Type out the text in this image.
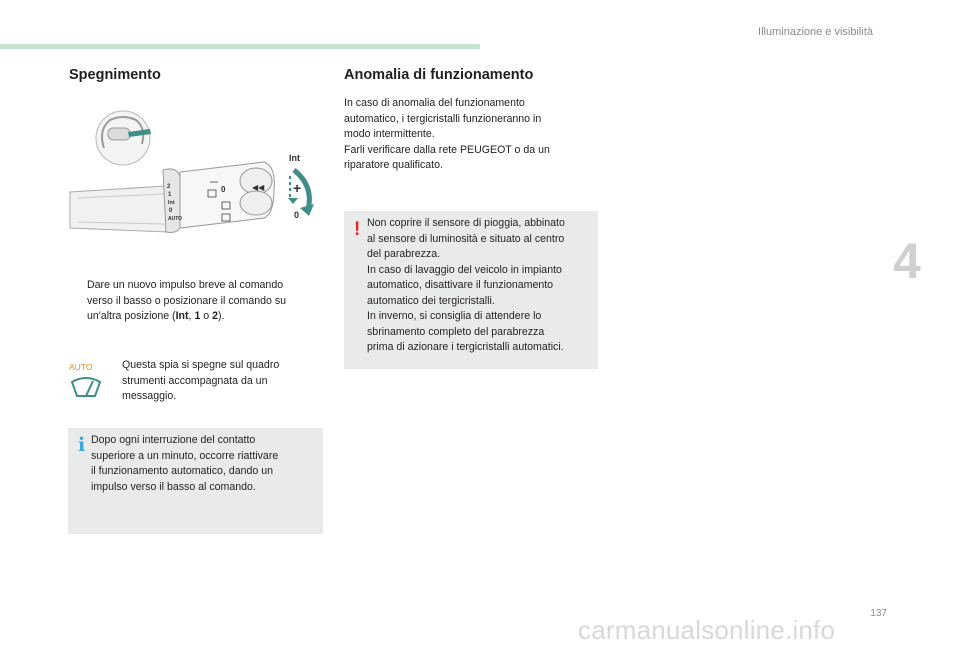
Illuminazione e visibilità
4
137
Spegnimento
Int
0
+
2
1
Int
0
AUTO
0	◀◀
Dare un nuovo impulso breve al comando
verso il basso o posizionare il comando su
un'altra posizione (Int, 1 o 2).
AUTO	Questa spia si spegne sul quadro
strumenti accompagnata da un
messaggio.
i Dopo ogni interruzione del contatto
superiore a un minuto, occorre riattivare
il funzionamento automatico, dando un
impulso verso il basso al comando.
Anomalia di funzionamento
In caso di anomalia del funzionamento
automatico, i tergicristalli funzioneranno in
modo intermittente.
Farli verificare dalla rete PEUGEOT o da un
riparatore qualificato.
! Non coprire il sensore di pioggia, abbinato
al sensore di luminosità e situato al centro
del parabrezza.
In caso di lavaggio del veicolo in impianto
automatico, disattivare il funzionamento
automatico dei tergicristalli.
In inverno, si consiglia di attendere lo
sbrinamento completo del parabrezza
prima di azionare i tergicristalli automatici.
carmanualsonline.info
